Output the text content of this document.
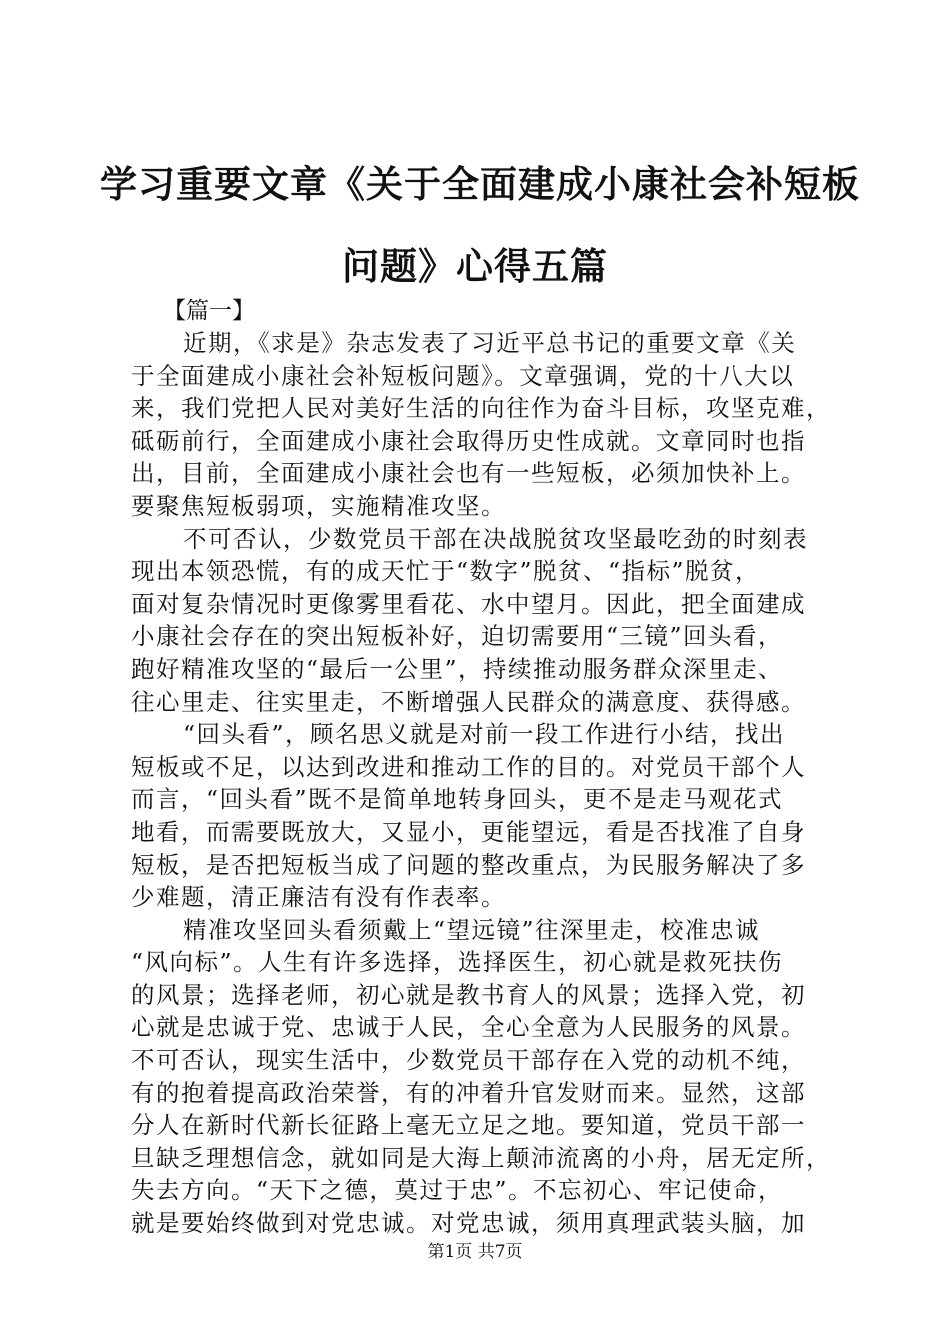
学习重要文章《关于全面建成小康社会补短板
问题》心得五篇
【篇一】
近期，《求是》杂志发表了习近平总书记的重要文章《关
于全面建成小康社会补短板问题》。文章强调，党的十八大以
来，我们党把人民对美好生活的向往作为奋斗目标，攻坚克难，
砥砺前行，全面建成小康社会取得历史性成就。文章同时也指
出，目前，全面建成小康社会也有一些短板，必须加快补上。
要聚焦短板弱项，实施精准攻坚。
不可否认，少数党员干部在决战脱贫攻坚最吃劲的时刻表
现出本领恐慌，有的成天忙于“数字”脱贫、“指标”脱贫，
面对复杂情况时更像雾里看花、水中望月。因此，把全面建成
小康社会存在的突出短板补好，迫切需要用“三镜”回头看，
跑好精准攻坚的“最后一公里”，持续推动服务群众深里走、
往心里走、往实里走，不断增强人民群众的满意度、获得感。
“回头看”，顾名思义就是对前一段工作进行小结，找出
短板或不足，以达到改进和推动工作的目的。对党员干部个人
而言，“回头看”既不是简单地转身回头，更不是走马观花式
地看，而需要既放大，又显小，更能望远，看是否找准了自身
短板，是否把短板当成了问题的整改重点，为民服务解决了多
少难题，清正廉洁有没有作表率。
精准攻坚回头看须戴上“望远镜”往深里走，校准忠诚
“风向标”。人生有许多选择，选择医生，初心就是救死扶伤
的风景；选择老师，初心就是教书育人的风景；选择入党，初
心就是忠诚于党、忠诚于人民，全心全意为人民服务的风景。
不可否认，现实生活中，少数党员干部存在入党的动机不纯，
有的抱着提高政治荣誉，有的冲着升官发财而来。显然，这部
分人在新时代新长征路上毫无立足之地。要知道，党员干部一
旦缺乏理想信念，就如同是大海上颠沛流离的小舟，居无定所，
失去方向。“天下之德，莫过于忠”。不忘初心、牢记使命，
就是要始终做到对党忠诚。对党忠诚，须用真理武装头脑，加
第1页 共7页
